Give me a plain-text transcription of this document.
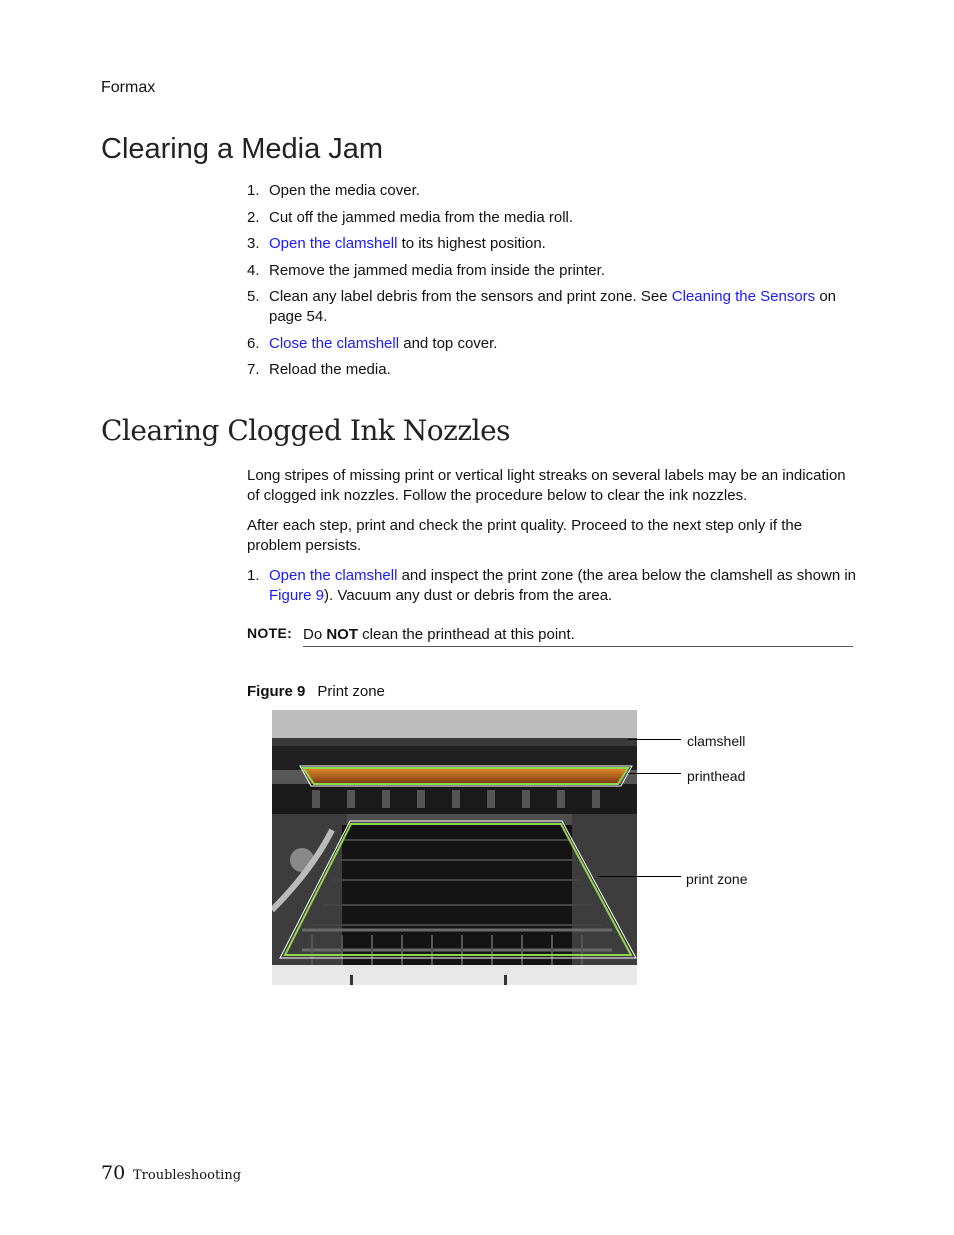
Formax
Clearing a Media Jam
1. Open the media cover.
2. Cut off the jammed media from the media roll.
3. Open the clamshell to its highest position.
4. Remove the jammed media from inside the printer.
5. Clean any label debris from the sensors and print zone. See Cleaning the Sensors on page 54.
6. Close the clamshell and top cover.
7. Reload the media.
Clearing Clogged Ink Nozzles

Long stripes of missing print or vertical light streaks on several labels may be an indication of clogged ink nozzles. Follow the procedure below to clear the ink nozzles.

After each step, print and check the print quality. Proceed to the next step only if the problem persists.

1. Open the clamshell and inspect the print zone (the area below the clamshell as shown in Figure 9). Vacuum any dust or debris from the area.
NOTE: Do NOT clean the printhead at this point.
Figure 9 Print zone
clamshell
printhead
print zone
70 Troubleshooting
